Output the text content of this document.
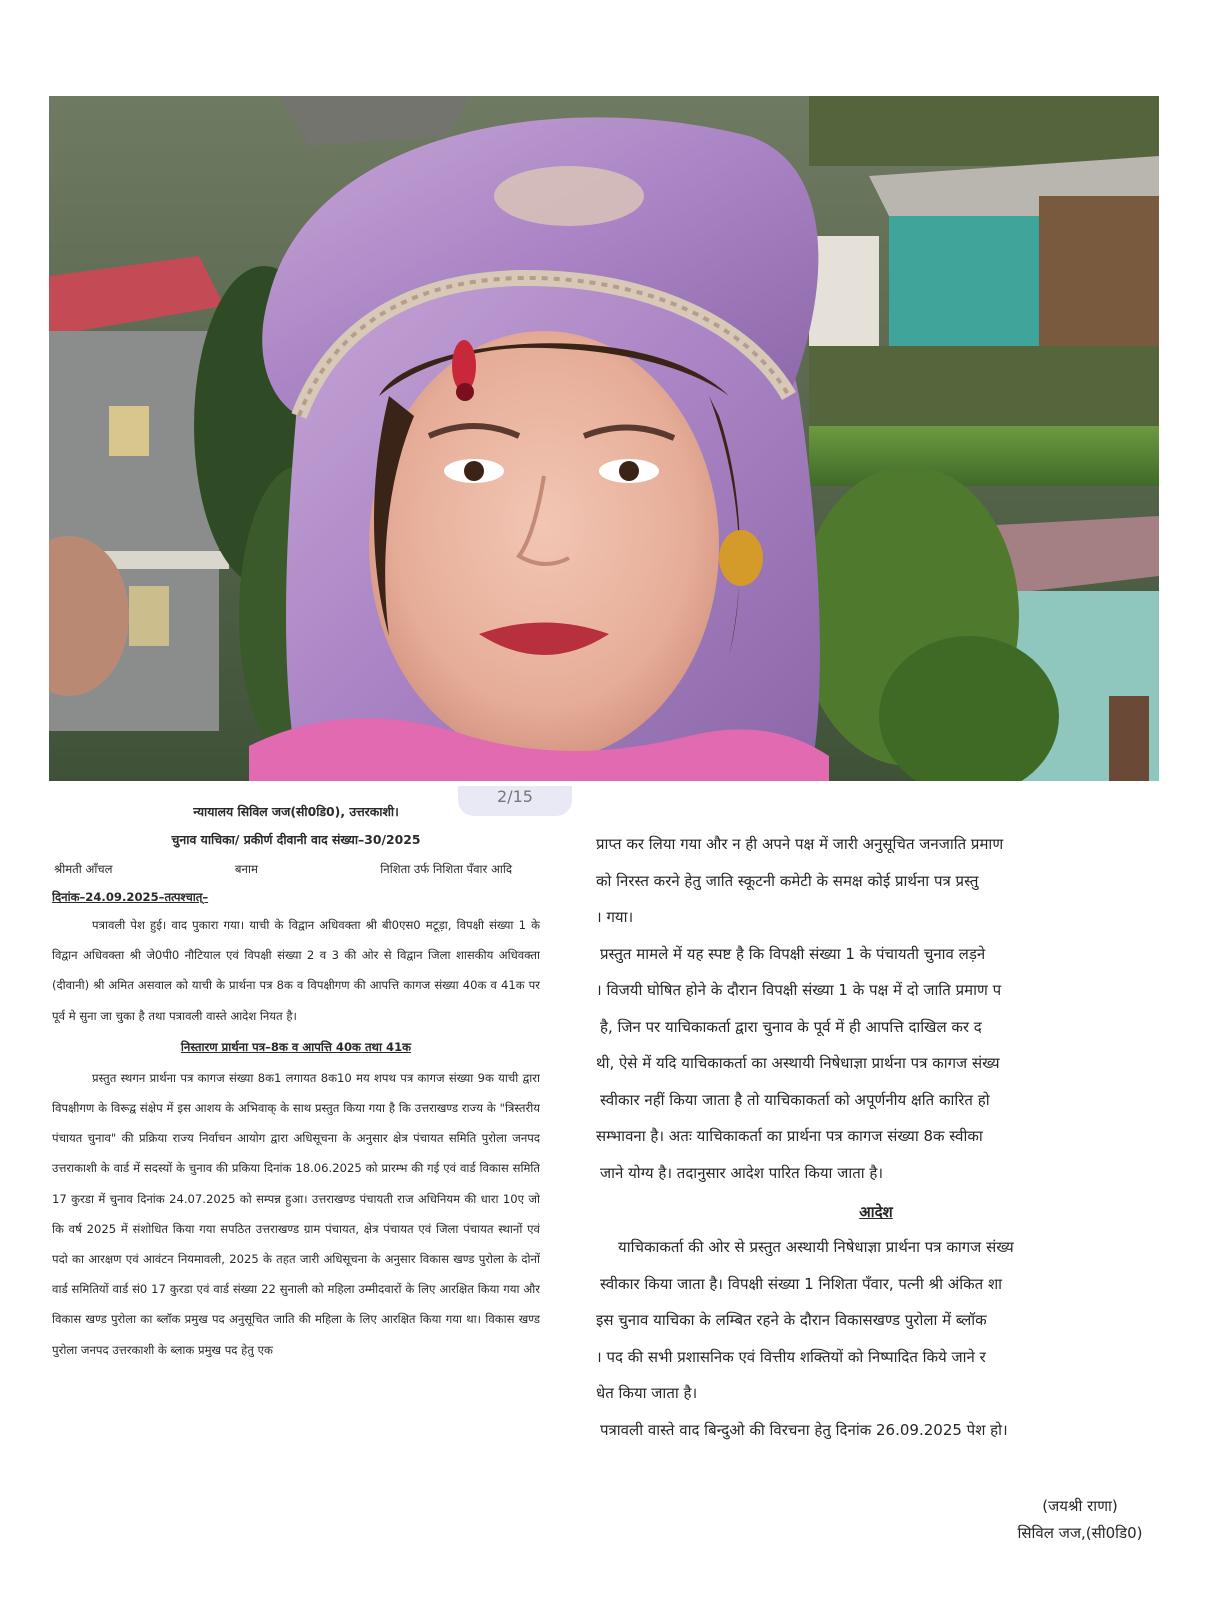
2/15
न्यायालय सिविल जज(सी0डि0), उत्तरकाशी।
चुनाव याचिका/ प्रकीर्ण दीवानी वाद संख्या–30/2025
श्रीमती आँचल	बनाम	निशिता उर्फ निशिता पँवार आदि
दिनांक–24.09.2025–तत्पश्चात्–
पत्रावली पेश हुई। वाद पुकारा गया। याची के विद्वान अधिवक्ता श्री बी0एस0 मटूड़ा, विपक्षी संख्या 1 के विद्वान अधिवक्ता श्री जे0पी0 नौटियाल एवं विपक्षी संख्या 2 व 3 की ओर से विद्वान जिला शासकीय अधिवक्ता (दीवानी) श्री अमित असवाल को याची के प्रार्थना पत्र 8क व विपक्षीगण की आपत्ति कागज संख्या 40क व 41क पर पूर्व मे सुना जा चुका है तथा पत्रावली वास्ते आदेश नियत है।
निस्तारण प्रार्थना पत्र–8क व आपत्ति 40क तथा 41क
प्रस्तुत स्थगन प्रार्थना पत्र कागज संख्या 8क1 लगायत 8क10 मय शपथ पत्र कागज संख्या 9क याची द्वारा विपक्षीगण के विरूद्व संक्षेप में इस आशय के अभिवाक् के साथ प्रस्तुत किया गया है कि उत्तराखण्ड राज्य के "त्रिस्तरीय पंचायत चुनाव" की प्रक्रिया राज्य निर्वाचन आयोग द्वारा अधिसूचना के अनुसार क्षेत्र पंचायत समिति पुरोला जनपद उत्तराकाशी के वार्ड में सदस्यों के चुनाव की प्रकिया दिनांक 18.06.2025 को प्रारम्भ की गई एवं वार्ड विकास समिति 17 कुरडा में चुनाव दिनांक 24.07.2025 को सम्पन्न हुआ। उत्तराखण्ड पंचायती राज अधिनियम की धारा 10ए जो कि वर्ष 2025 में संशोधित किया गया सपठित उत्तराखण्ड ग्राम पंचायत, क्षेत्र पंचायत एवं जिला पंचायत स्थानों एवं पदो का आरक्षण एवं आवंटन नियमावली, 2025 के तहत जारी अधिसूचना के अनुसार विकास खण्ड पुरोला के दोनों वार्ड समितियों वार्ड सं0 17 कुरडा एवं वार्ड संख्या 22 सुनाली को महिला उम्मीदवारों के लिए आरक्षित किया गया और विकास खण्ड पुरोला का ब्लॉक प्रमुख पद अनुसूचित जाति की महिला के लिए आरक्षित किया गया था। विकास खण्ड पुरोला जनपद उत्तरकाशी के ब्लाक प्रमुख पद हेतु एक
प्राप्त कर लिया गया और न ही अपने पक्ष में जारी अनुसूचित जनजाति प्रमाण
को निरस्त करने हेतु जाति स्कूटनी कमेटी के समक्ष कोई प्रार्थना पत्र प्रस्तु
। गया।
प्रस्तुत मामले में यह स्पष्ट है कि विपक्षी संख्या 1 के पंचायती चुनाव लड़ने
। विजयी घोषित होने के दौरान विपक्षी संख्या 1 के पक्ष में दो जाति प्रमाण प
है, जिन पर याचिकाकर्ता द्वारा चुनाव के पूर्व में ही आपत्ति दाखिल कर द
थी, ऐसे में यदि याचिकाकर्ता का अस्थायी निषेधाज्ञा प्रार्थना पत्र कागज संख्य
स्वीकार नहीं किया जाता है तो याचिकाकर्ता को अपूर्णनीय क्षति कारित हो
सम्भावना है। अतः याचिकाकर्ता का प्रार्थना पत्र कागज संख्या 8क स्वीका
जाने योग्य है। तदानुसार आदेश पारित किया जाता है।
आदेश
याचिकाकर्ता की ओर से प्रस्तुत अस्थायी निषेधाज्ञा प्रार्थना पत्र कागज संख्य
स्वीकार किया जाता है। विपक्षी संख्या 1 निशिता पँवार, पत्नी श्री अंकित शा
इस चुनाव याचिका के लम्बित रहने के दौरान विकासखण्ड पुरोला में ब्लॉक
। पद की सभी प्रशासनिक एवं वित्तीय शक्तियों को निष्पादित किये जाने र
धेत किया जाता है।
पत्रावली वास्ते वाद बिन्दुओ की विरचना हेतु दिनांक 26.09.2025 पेश हो।
(जयश्री राणा)
सिविल जज,(सी0डि0)
